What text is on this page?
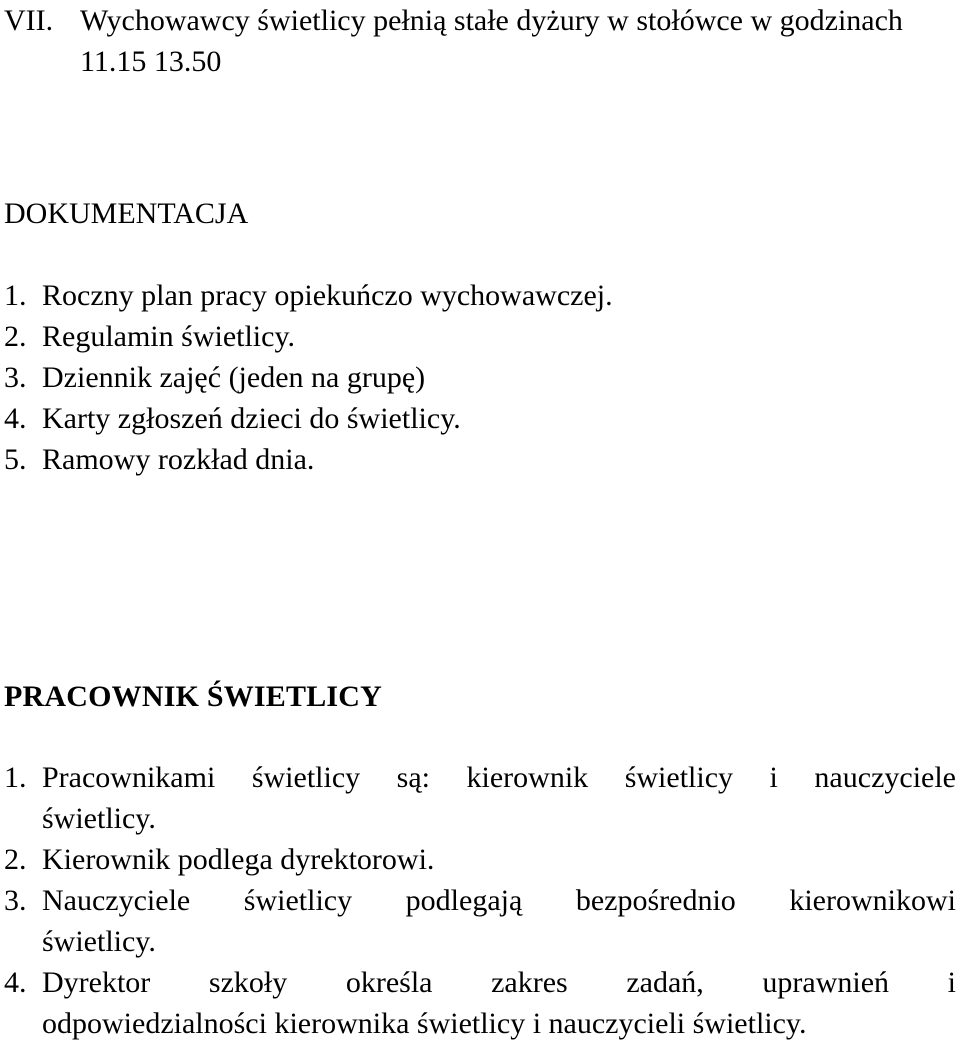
VII. Wychowawcy świetlicy pełnią stałe dyżury w stołówce w godzinach
11.15 13.50
DOKUMENTACJA
1. Roczny plan pracy opiekuńczo wychowawczej.
2. Regulamin świetlicy.
3. Dziennik zajęć (jeden na grupę)
4. Karty zgłoszeń dzieci do świetlicy.
5. Ramowy rozkład dnia.
PRACOWNIK ŚWIETLICY
1. Pracownikami świetlicy są: kierownik świetlicy i nauczyciele
świetlicy.
2. Kierownik podlega dyrektorowi.
3. Nauczyciele świetlicy podlegają bezpośrednio kierownikowi
świetlicy.
4. Dyrektor szkoły określa zakres zadań, uprawnień i
odpowiedzialności kierownika świetlicy i nauczycieli świetlicy.
